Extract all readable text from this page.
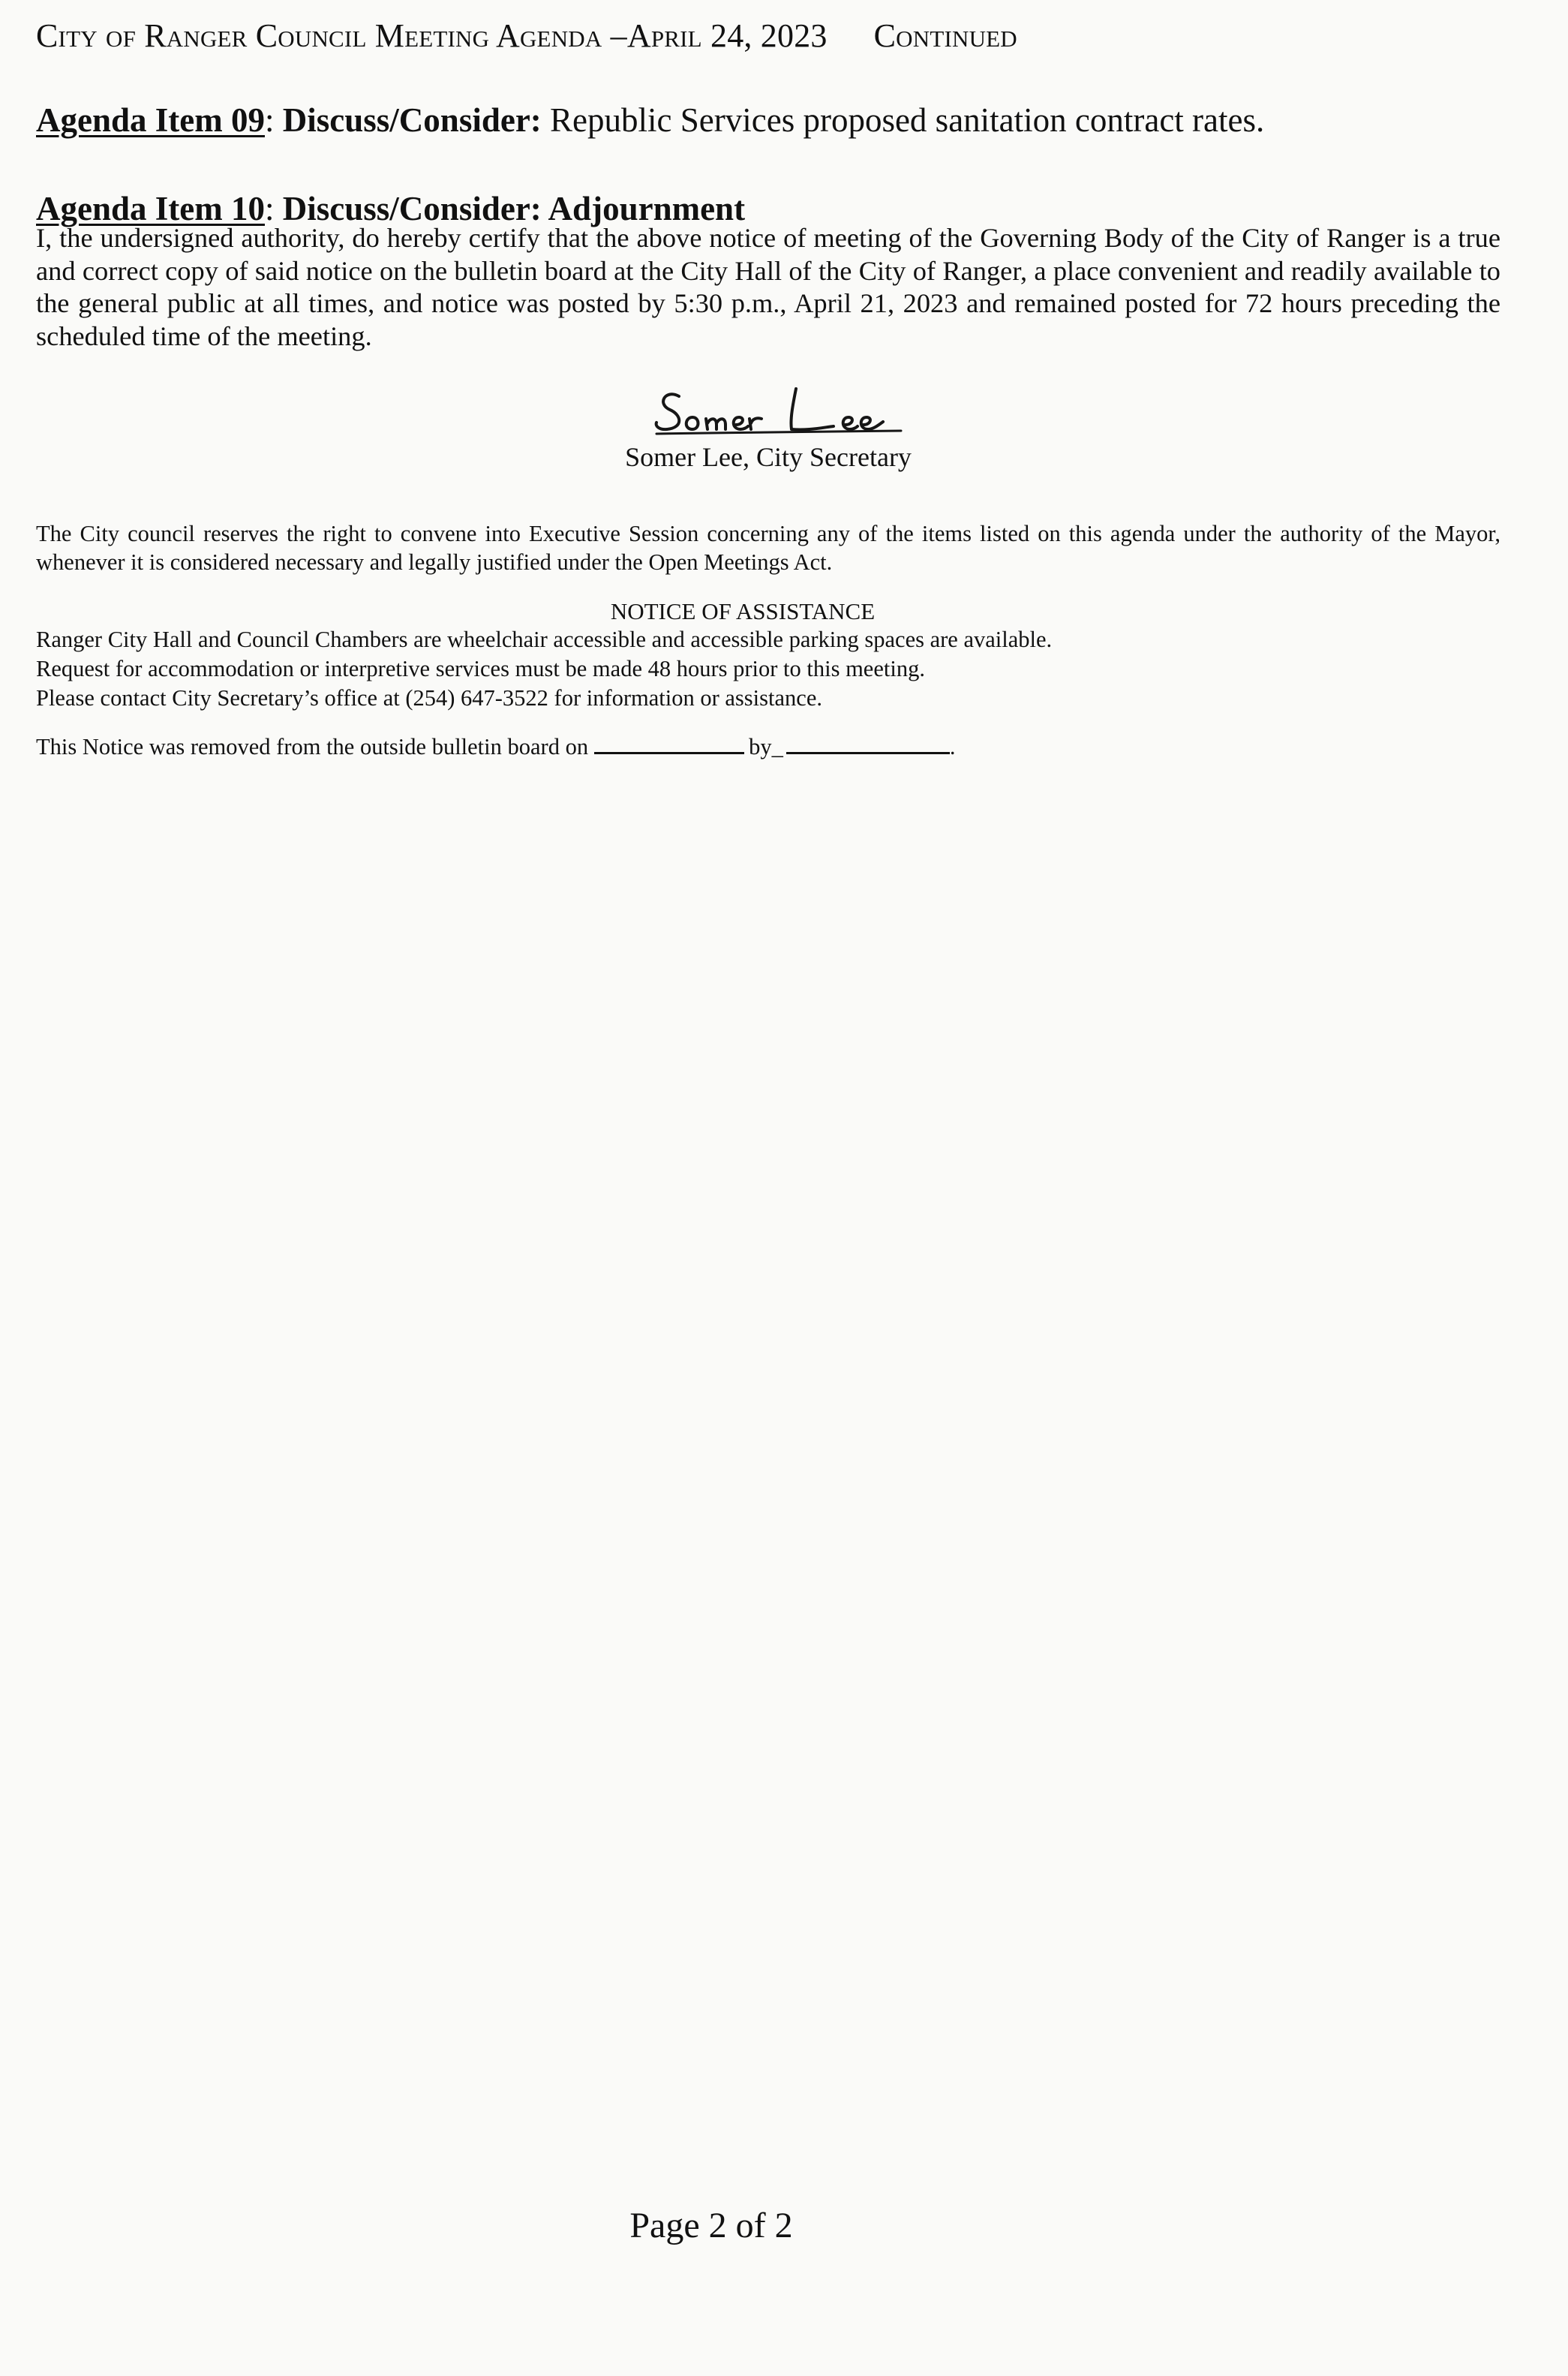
City of Ranger Council Meeting Agenda –April 24, 2023 Continued
Agenda Item 09: Discuss/Consider: Republic Services proposed sanitation contract rates.
Agenda Item 10: Discuss/Consider: Adjournment
I, the undersigned authority, do hereby certify that the above notice of meeting of the Governing Body of the City of Ranger is a true and correct copy of said notice on the bulletin board at the City Hall of the City of Ranger, a place convenient and readily available to the general public at all times, and notice was posted by 5:30 p.m., April 21, 2023 and remained posted for 72 hours preceding the scheduled time of the meeting.
Somer Lee, City Secretary
The City council reserves the right to convene into Executive Session concerning any of the items listed on this agenda under the authority of the Mayor, whenever it is considered necessary and legally justified under the Open Meetings Act.
NOTICE OF ASSISTANCE
Ranger City Hall and Council Chambers are wheelchair accessible and accessible parking spaces are available.
Request for accommodation or interpretive services must be made 48 hours prior to this meeting.
Please contact City Secretary’s office at (254) 647-3522 for information or assistance.
This Notice was removed from the outside bulletin board on	by_	.
Page 2 of 2
